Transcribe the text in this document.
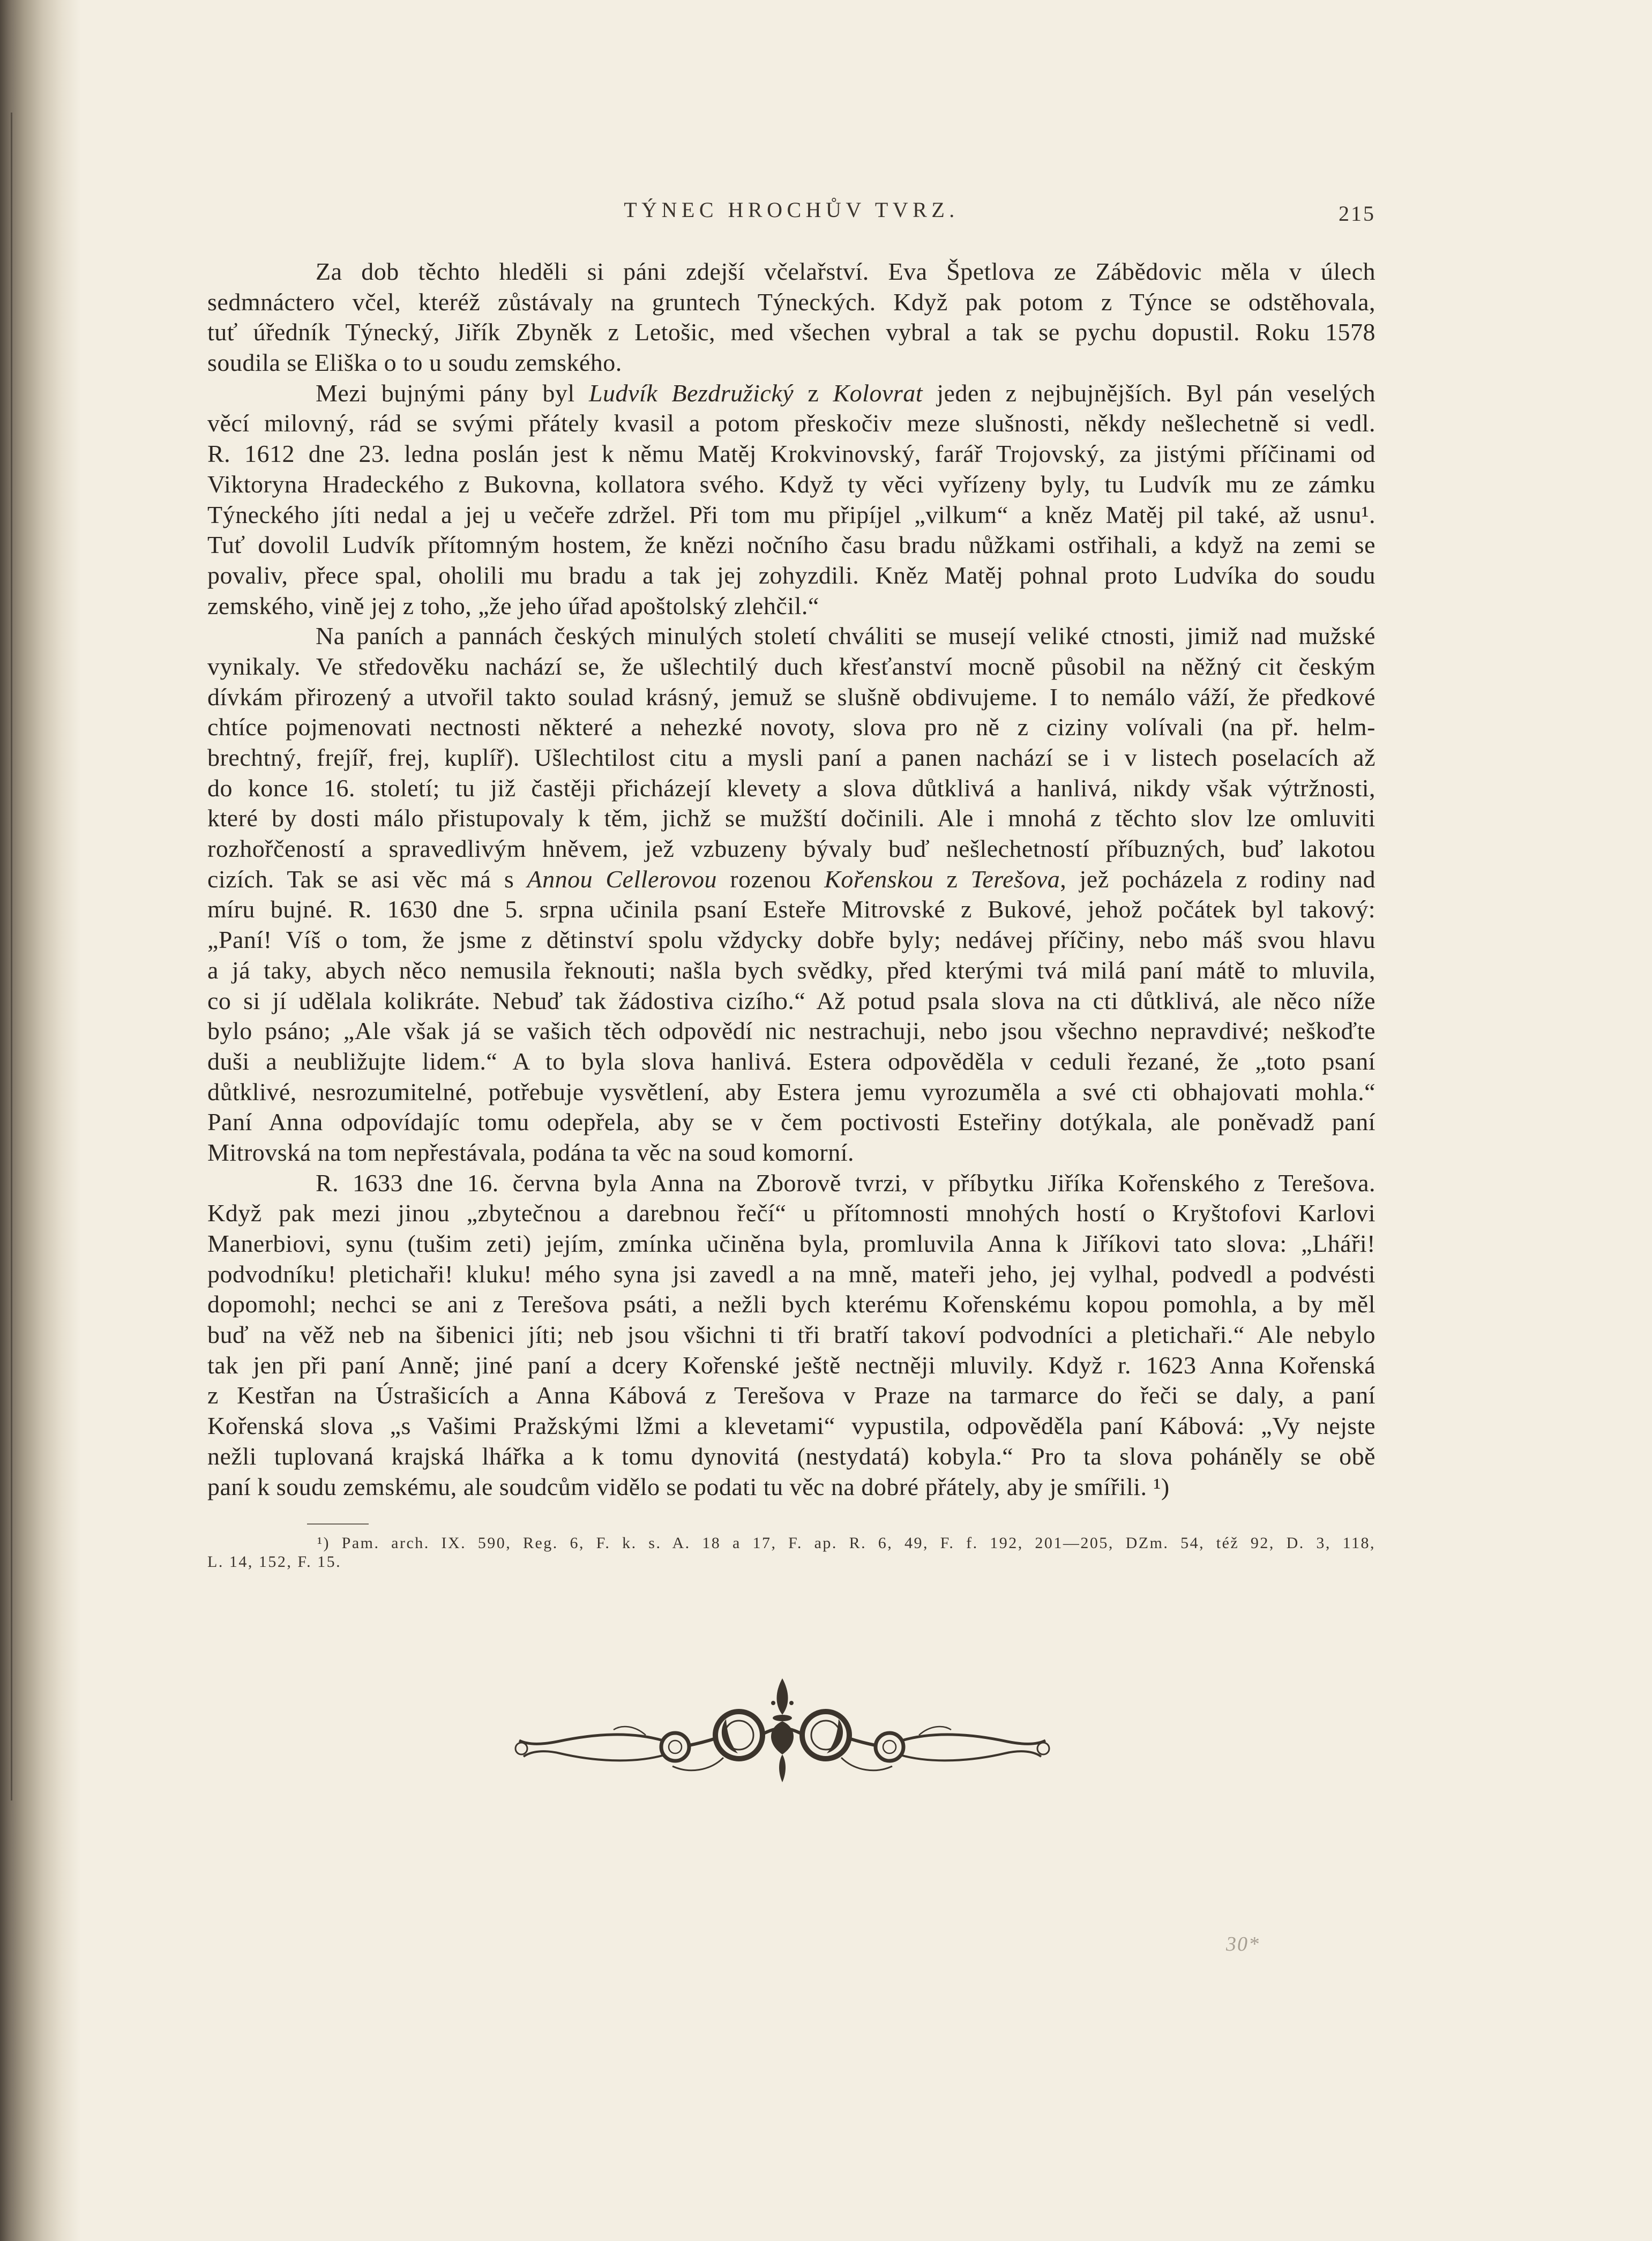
TÝNEC HROCHŮV TVRZ.	215
Za dob těchto hleděli si páni zdejší včelařství. Eva Špetlova ze Zábědovic měla v úlech
sedmnáctero včel, kteréž zůstávaly na gruntech Týneckých. Když pak potom z Týnce se odstěhovala,
tuť úředník Týnecký, Jiřík Zbyněk z Letošic, med všechen vybral a tak se pychu dopustil. Roku 1578
soudila se Eliška o to u soudu zemského.
Mezi bujnými pány byl Ludvík Bezdružický z Kolovrat jeden z nejbujnějších. Byl pán veselých
věcí milovný, rád se svými přátely kvasil a potom přeskočiv meze slušnosti, někdy nešlechetně si vedl.
R. 1612 dne 23. ledna poslán jest k němu Matěj Krokvinovský, farář Trojovský, za jistými příčinami od
Viktoryna Hradeckého z Bukovna, kollatora svého. Když ty věci vyřízeny byly, tu Ludvík mu ze zámku
Týneckého jíti nedal a jej u večeře zdržel. Při tom mu připíjel „vilkum“ a kněz Matěj pil také, až usnu¹.
Tuť dovolil Ludvík přítomným hostem, že knězi nočního času bradu nůžkami ostřihali, a když na zemi se
povaliv, přece spal, oholili mu bradu a tak jej zohyzdili. Kněz Matěj pohnal proto Ludvíka do soudu
zemského, vině jej z toho, „že jeho úřad apoštolský zlehčil.“
Na paních a pannách českých minulých století chváliti se musejí veliké ctnosti, jimiž nad mužské
vynikaly. Ve středověku nachází se, že ušlechtilý duch křesťanství mocně působil na něžný cit českým
dívkám přirozený a utvořil takto soulad krásný, jemuž se slušně obdivujeme. I to nemálo váží, že předkové
chtíce pojmenovati nectnosti některé a nehezké novoty, slova pro ně z ciziny volívali (na př. helm-
brechtný, frejíř, frej, kuplíř). Ušlechtilost citu a mysli paní a panen nachází se i v listech poselacích až
do konce 16. století; tu již častěji přicházejí klevety a slova důtklivá a hanlivá, nikdy však výtržnosti,
které by dosti málo přistupovaly k těm, jichž se mužští dočinili. Ale i mnohá z těchto slov lze omluviti
rozhořčeností a spravedlivým hněvem, jež vzbuzeny bývaly buď nešlechetností příbuzných, buď lakotou
cizích. Tak se asi věc má s Annou Cellerovou rozenou Kořenskou z Terešova, jež pocházela z rodiny nad
míru bujné. R. 1630 dne 5. srpna učinila psaní Esteře Mitrovské z Bukové, jehož počátek byl takový:
„Paní! Víš o tom, že jsme z dětinství spolu vždycky dobře byly; nedávej příčiny, nebo máš svou hlavu
a já taky, abych něco nemusila řeknouti; našla bych svědky, před kterými tvá milá paní mátě to mluvila,
co si jí udělala kolikráte. Nebuď tak žádostiva cizího.“ Až potud psala slova na cti důtklivá, ale něco níže
bylo psáno; „Ale však já se vašich těch odpovědí nic nestrachuji, nebo jsou všechno nepravdivé; neškoďte
duši a neubližujte lidem.“ A to byla slova hanlivá. Estera odpověděla v ceduli řezané, že „toto psaní
důtklivé, nesrozumitelné, potřebuje vysvětlení, aby Estera jemu vyrozuměla a své cti obhajovati mohla.“
Paní Anna odpovídajíc tomu odepřela, aby se v čem poctivosti Esteřiny dotýkala, ale poněvadž paní
Mitrovská na tom nepřestávala, podána ta věc na soud komorní.
R. 1633 dne 16. června byla Anna na Zborově tvrzi, v příbytku Jiříka Kořenského z Terešova.
Když pak mezi jinou „zbytečnou a darebnou řečí“ u přítomnosti mnohých hostí o Kryštofovi Karlovi
Manerbiovi, synu (tušim zeti) jejím, zmínka učiněna byla, promluvila Anna k Jiříkovi tato slova: „Lháři!
podvodníku! pletichaři! kluku! mého syna jsi zavedl a na mně, mateři jeho, jej vylhal, podvedl a podvésti
dopomohl; nechci se ani z Terešova psáti, a nežli bych kterému Kořenskému kopou pomohla, a by měl
buď na věž neb na šibenici jíti; neb jsou všichni ti tři bratří takoví podvodníci a pletichaři.“ Ale nebylo
tak jen při paní Anně; jiné paní a dcery Kořenské ještě nectněji mluvily. Když r. 1623 Anna Kořenská
z Kestřan na Ústrašicích a Anna Kábová z Terešova v Praze na tarmarce do řeči se daly, a paní
Kořenská slova „s Vašimi Pražskými lžmi a klevetami“ vypustila, odpověděla paní Kábová: „Vy nejste
nežli tuplovaná krajská lhářka a k tomu dynovitá (nestydatá) kobyla.“ Pro ta slova poháněly se obě
paní k soudu zemskému, ale soudcům vidělo se podati tu věc na dobré přátely, aby je smířili. ¹)
¹) Pam. arch. IX. 590, Reg. 6, F. k. s. A. 18 a 17, F. ap. R. 6, 49, F. f. 192, 201—205, DZm. 54, též 92, D. 3, 118,
L. 14, 152, F. 15.
30*
